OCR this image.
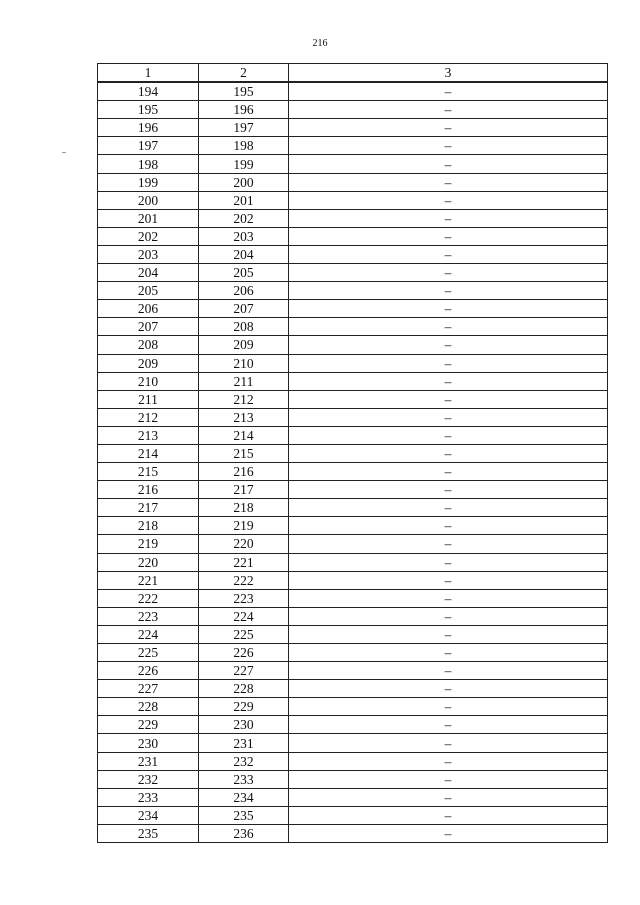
216
1	2	3
194	195	–
195	196	–
196	197	–
197	198	–
198	199	–
199	200	–
200	201	–
201	202	–
202	203	–
203	204	–
204	205	–
205	206	–
206	207	–
207	208	–
208	209	–
209	210	–
210	211	–
211	212	–
212	213	–
213	214	–
214	215	–
215	216	–
216	217	–
217	218	–
218	219	–
219	220	–
220	221	–
221	222	–
222	223	–
223	224	–
224	225	–
225	226	–
226	227	–
227	228	–
228	229	–
229	230	–
230	231	–
231	232	–
232	233	–
233	234	–
234	235	–
235	236	–
